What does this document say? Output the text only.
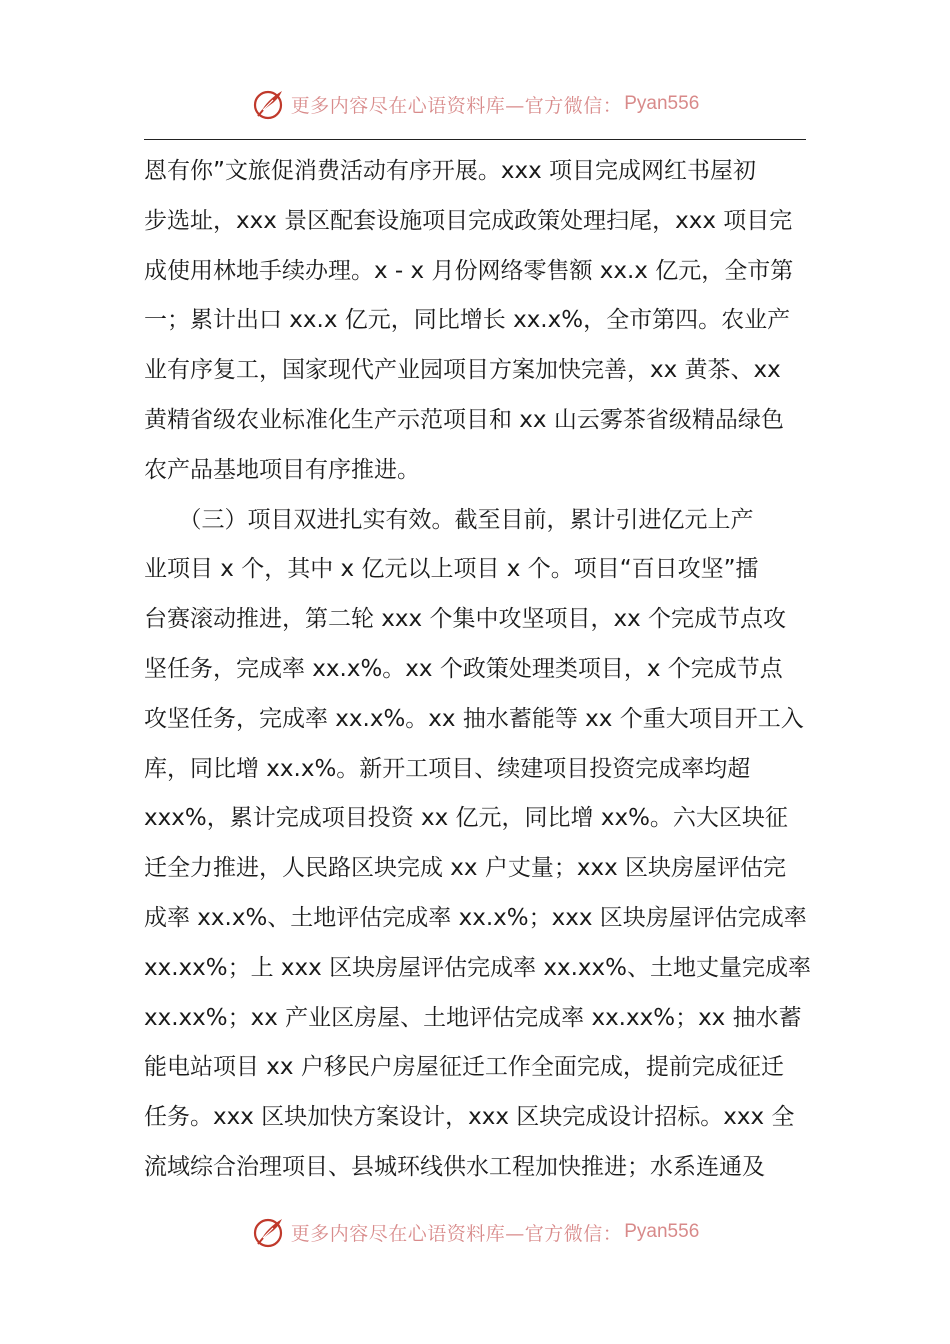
更多内容尽在心语资料库—官方微信： Pyan556
恩有你”文旅促消费活动有序开展。xxx 项目完成网红书屋初
步选址，xxx 景区配套设施项目完成政策处理扫尾，xxx 项目完
成使用林地手续办理。x - x 月份网络零售额 xx.x 亿元，全市第
一；累计出口 xx.x 亿元，同比增长 xx.x%，全市第四。农业产
业有序复工，国家现代产业园项目方案加快完善，xx 黄茶、xx
黄精省级农业标准化生产示范项目和 xx 山云雾茶省级精品绿色
农产品基地项目有序推进。
　　（三）项目双进扎实有效。截至目前，累计引进亿元上产
业项目 x 个，其中 x 亿元以上项目 x 个。项目“百日攻坚”擂
台赛滚动推进，第二轮 xxx 个集中攻坚项目，xx 个完成节点攻
坚任务，完成率 xx.x%。xx 个政策处理类项目，x 个完成节点
攻坚任务，完成率 xx.x%。xx 抽水蓄能等 xx 个重大项目开工入
库，同比增 xx.x%。新开工项目、续建项目投资完成率均超
xxx%，累计完成项目投资 xx 亿元，同比增 xx%。六大区块征
迁全力推进，人民路区块完成 xx 户丈量；xxx 区块房屋评估完
成率 xx.x%、土地评估完成率 xx.x%；xxx 区块房屋评估完成率
xx.xx%；上 xxx 区块房屋评估完成率 xx.xx%、土地丈量完成率
xx.xx%；xx 产业区房屋、土地评估完成率 xx.xx%；xx 抽水蓄
能电站项目 xx 户移民户房屋征迁工作全面完成，提前完成征迁
任务。xxx 区块加快方案设计，xxx 区块完成设计招标。xxx 全
流域综合治理项目、县城环线供水工程加快推进；水系连通及
更多内容尽在心语资料库—官方微信： Pyan556
